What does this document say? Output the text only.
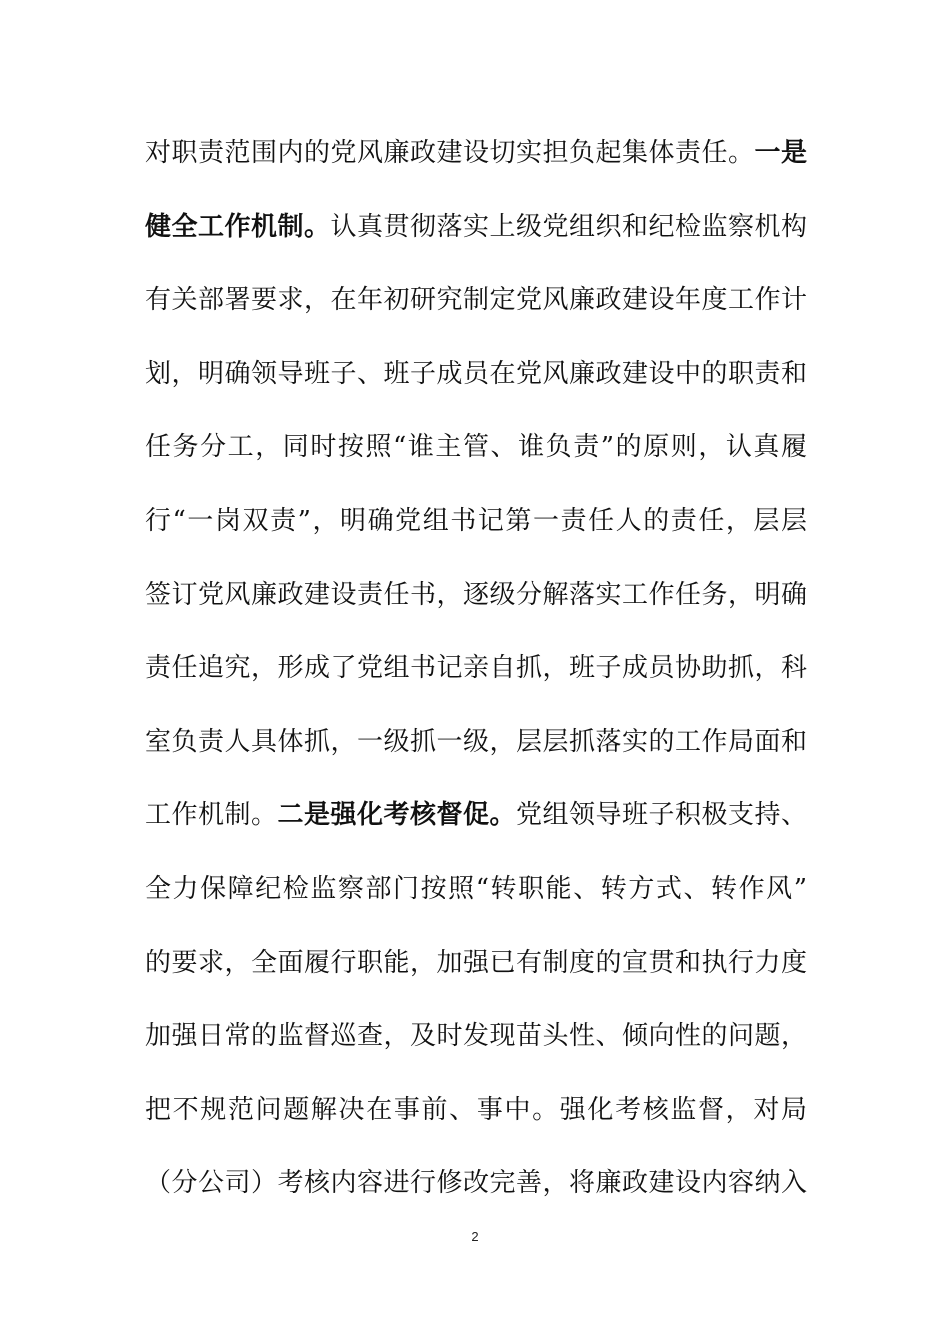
对职责范围内的党风廉政建设切实担负起集体责任。一是
健全工作机制。认真贯彻落实上级党组织和纪检监察机构
有关部署要求，在年初研究制定党风廉政建设年度工作计
划，明确领导班子、班子成员在党风廉政建设中的职责和
任务分工，同时按照“谁主管、谁负责”的原则，认真履
行“一岗双责”，明确党组书记第一责任人的责任，层层
签订党风廉政建设责任书，逐级分解落实工作任务，明确
责任追究，形成了党组书记亲自抓，班子成员协助抓，科
室负责人具体抓，一级抓一级，层层抓落实的工作局面和
工作机制。二是强化考核督促。党组领导班子积极支持、
全力保障纪检监察部门按照“转职能、转方式、转作风”
的要求，全面履行职能，加强已有制度的宣贯和执行力度
加强日常的监督巡查，及时发现苗头性、倾向性的问题，
把不规范问题解决在事前、事中。强化考核监督，对局
（分公司）考核内容进行修改完善，将廉政建设内容纳入
2
